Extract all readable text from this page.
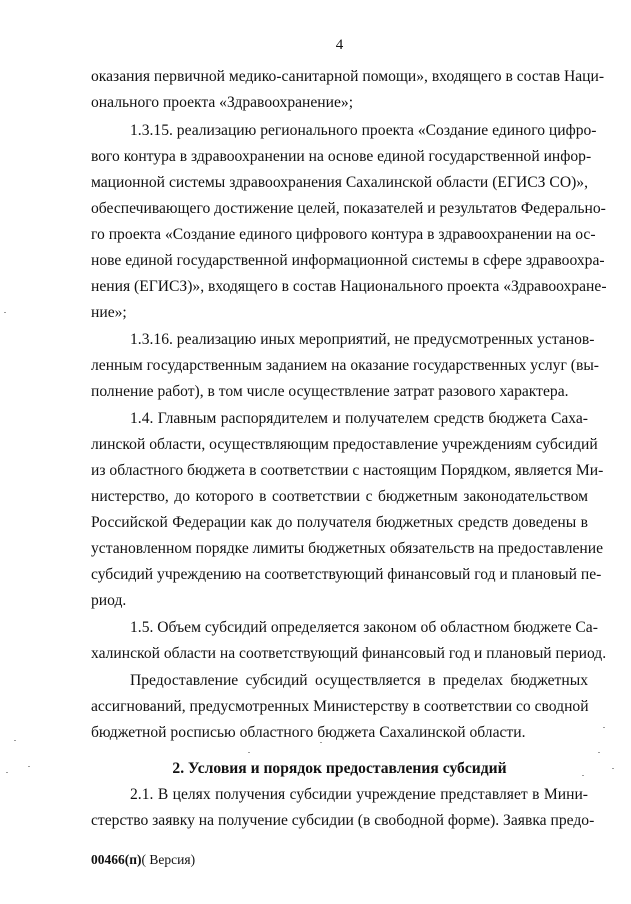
4
оказания первичной медико-санитарной помощи», входящего в состав Наци-
онального проекта «Здравоохранение»;
1.3.15. реализацию регионального проекта «Создание единого цифро-
вого контура в здравоохранении на основе единой государственной инфор-
мационной системы здравоохранения Сахалинской области (ЕГИСЗ СО)»,
обеспечивающего достижение целей, показателей и результатов Федерально-
го проекта «Создание единого цифрового контура в здравоохранении на ос-
нове единой государственной информационной системы в сфере здравоохра-
нения (ЕГИСЗ)», входящего в состав Национального проекта «Здравоохране-
ние»;
1.3.16. реализацию иных мероприятий, не предусмотренных установ-
ленным государственным заданием на оказание государственных услуг (вы-
полнение работ), в том числе осуществление затрат разового характера.
1.4. Главным распорядителем и получателем средств бюджета Саха-
линской области, осуществляющим предоставление учреждениям субсидий
из областного бюджета в соответствии с настоящим Порядком, является Ми-
нистерство, до которого в соответствии с бюджетным законодательством
Российской Федерации как до получателя бюджетных средств доведены в
установленном порядке лимиты бюджетных обязательств на предоставление
субсидий учреждению на соответствующий финансовый год и плановый пе-
риод.
1.5. Объем субсидий определяется законом об областном бюджете Са-
халинской области на соответствующий финансовый год и плановый период.
Предоставление субсидий осуществляется в пределах бюджетных
ассигнований, предусмотренных Министерству в соответствии со сводной
бюджетной росписью областного бюджета Сахалинской области.
2. Условия и порядок предоставления субсидий
2.1. В целях получения субсидии учреждение представляет в Мини-
стерство заявку на получение субсидии (в свободной форме). Заявка предо-
00466(п)( Версия)
